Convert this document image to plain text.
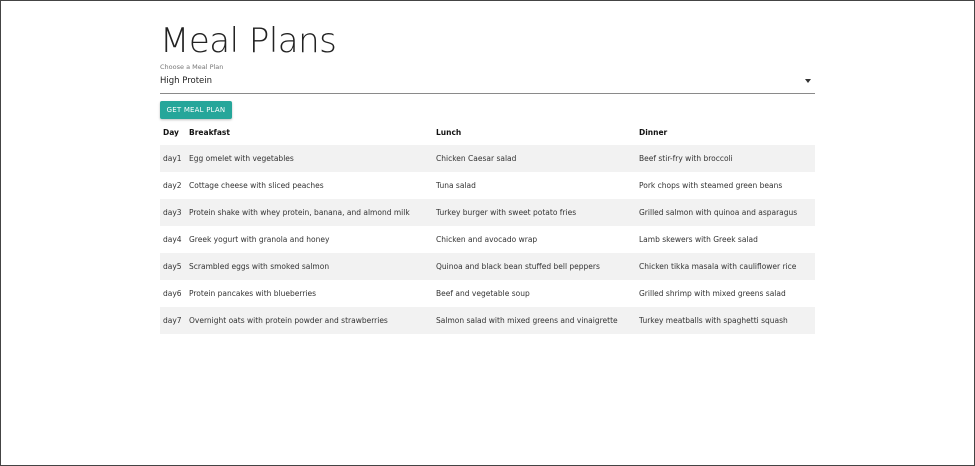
Meal Plans
Choose a Meal Plan
High Protein
GET MEAL PLAN
Day	Breakfast	Lunch	Dinner
day1	Egg omelet with vegetables	Chicken Caesar salad	Beef stir-fry with broccoli
day2	Cottage cheese with sliced peaches	Tuna salad	Pork chops with steamed green beans
day3	Protein shake with whey protein, banana, and almond milk	Turkey burger with sweet potato fries	Grilled salmon with quinoa and asparagus
day4	Greek yogurt with granola and honey	Chicken and avocado wrap	Lamb skewers with Greek salad
day5	Scrambled eggs with smoked salmon	Quinoa and black bean stuffed bell peppers	Chicken tikka masala with cauliflower rice
day6	Protein pancakes with blueberries	Beef and vegetable soup	Grilled shrimp with mixed greens salad
day7	Overnight oats with protein powder and strawberries	Salmon salad with mixed greens and vinaigrette	Turkey meatballs with spaghetti squash
